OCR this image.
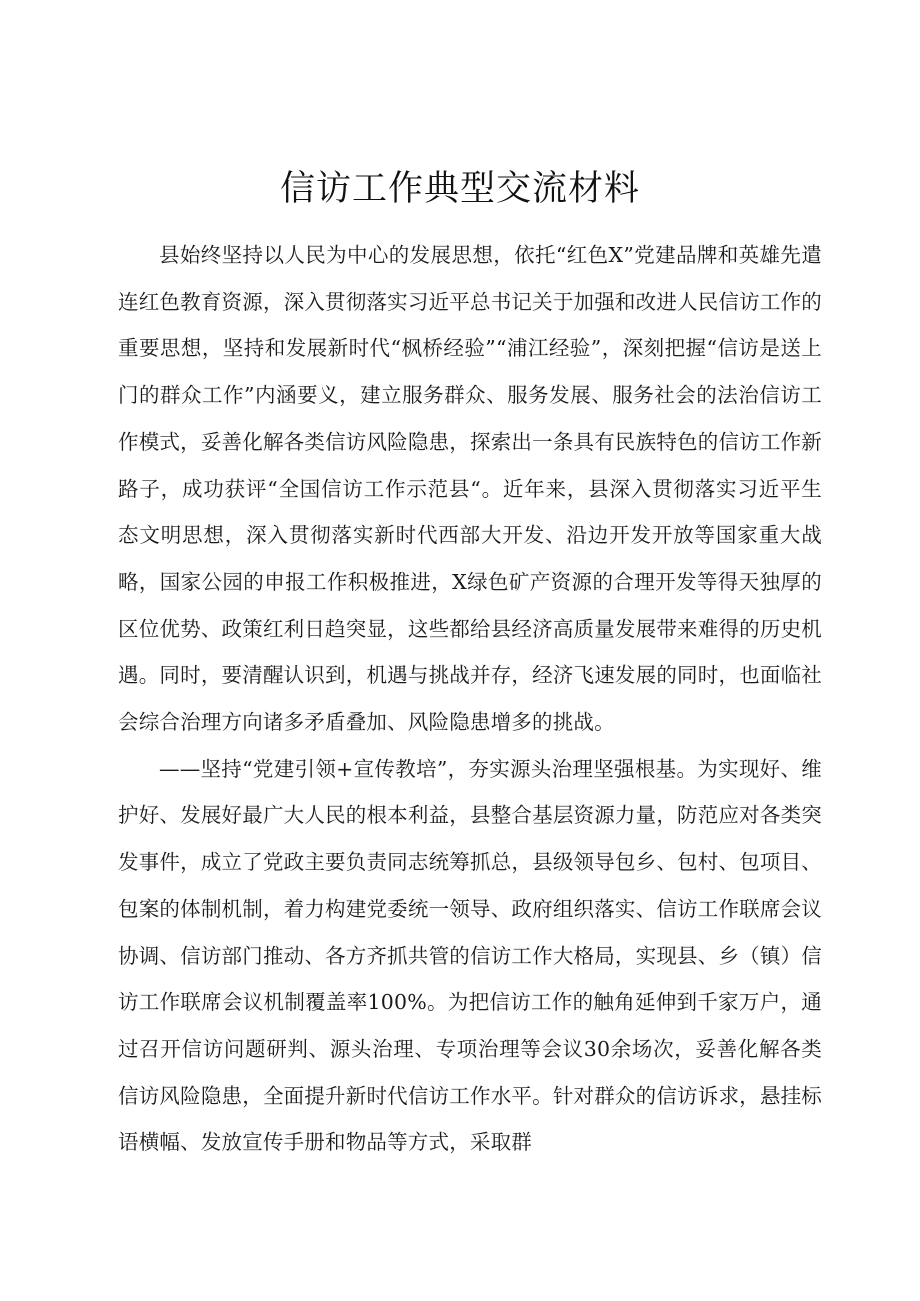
信访工作典型交流材料

县始终坚持以人民为中心的发展思想，依托“红色X”党建品牌和英雄先遣连红色教育资源，深入贯彻落实习近平总书记关于加强和改进人民信访工作的重要思想，坚持和发展新时代“枫桥经验”“浦江经验”，深刻把握“信访是送上门的群众工作”内涵要义，建立服务群众、服务发展、服务社会的法治信访工作模式，妥善化解各类信访风险隐患，探索出一条具有民族特色的信访工作新路子，成功获评“全国信访工作示范县“。近年来，县深入贯彻落实习近平生态文明思想，深入贯彻落实新时代西部大开发、沿边开发开放等国家重大战略，国家公园的申报工作积极推进，X绿色矿产资源的合理开发等得天独厚的区位优势、政策红利日趋突显，这些都给县经济高质量发展带来难得的历史机遇。同时，要清醒认识到，机遇与挑战并存，经济飞速发展的同时，也面临社会综合治理方向诸多矛盾叠加、风险隐患增多的挑战。

——坚持“党建引领+宣传教培”，夯实源头治理坚强根基。为实现好、维护好、发展好最广大人民的根本利益，县整合基层资源力量，防范应对各类突发事件，成立了党政主要负责同志统筹抓总，县级领导包乡、包村、包项目、包案的体制机制，着力构建党委统一领导、政府组织落实、信访工作联席会议协调、信访部门推动、各方齐抓共管的信访工作大格局，实现县、乡（镇）信访工作联席会议机制覆盖率100%。为把信访工作的触角延伸到千家万户，通过召开信访问题研判、源头治理、专项治理等会议30余场次，妥善化解各类信访风险隐患，全面提升新时代信访工作水平。针对群众的信访诉求，悬挂标语横幅、发放宣传手册和物品等方式，采取群
